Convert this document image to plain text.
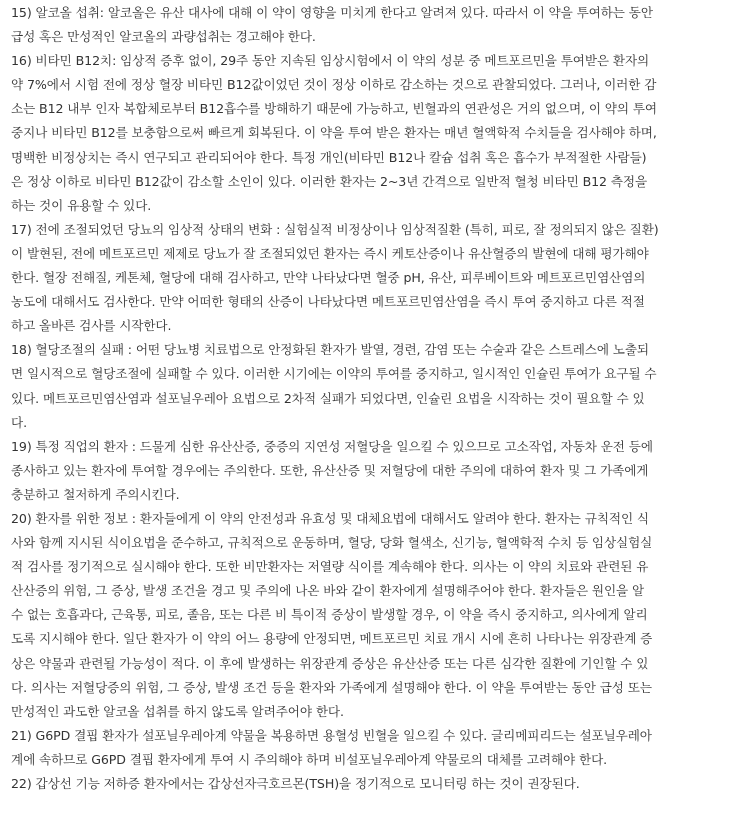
15) 알코올 섭취: 알코올은 유산 대사에 대해 이 약이 영향을 미치게 한다고 알려져 있다. 따라서 이 약을 투여하는 동안
급성 혹은 만성적인 알코올의 과량섭취는 경고해야 한다.
16) 비타민 B12치: 임상적 증후 없이, 29주 동안 지속된 임상시험에서 이 약의 성분 중 메트포르민을 투여받은 환자의
약 7%에서 시험 전에 정상 혈장 비타민 B12값이었던 것이 정상 이하로 감소하는 것으로 관찰되었다. 그러나, 이러한 감
소는 B12 내부 인자 복합체로부터 B12흡수를 방해하기 때문에 가능하고, 빈혈과의 연관성은 거의 없으며, 이 약의 투여
중지나 비타민 B12를 보충함으로써 빠르게 회복된다. 이 약을 투여 받은 환자는 매년 혈액학적 수치들을 검사해야 하며,
명백한 비정상치는 즉시 연구되고 관리되어야 한다. 특정 개인(비타민 B12나 칼슘 섭취 혹은 흡수가 부적절한 사람들)
은 정상 이하로 비타민 B12값이 감소할 소인이 있다. 이러한 환자는 2~3년 간격으로 일반적 혈청 비타민 B12 측정을
하는 것이 유용할 수 있다.
17) 전에 조절되었던 당뇨의 임상적 상태의 변화 : 실험실적 비정상이나 임상적질환 (특히, 피로, 잘 정의되지 않은 질환)
이 발현된, 전에 메트포르민 제제로 당뇨가 잘 조절되었던 환자는 즉시 케토산증이나 유산혈증의 발현에 대해 평가해야
한다. 혈장 전해질, 케톤체, 혈당에 대해 검사하고, 만약 나타났다면 혈중 pH, 유산, 피루베이트와 메트포르민염산염의
농도에 대해서도 검사한다. 만약 어떠한 형태의 산증이 나타났다면 메트포르민염산염을 즉시 투여 중지하고 다른 적절
하고 올바른 검사를 시작한다.
18) 혈당조절의 실패 : 어떤 당뇨병 치료법으로 안정화된 환자가 발열, 경련, 감염 또는 수술과 같은 스트레스에 노출되
면 일시적으로 혈당조절에 실패할 수 있다. 이러한 시기에는 이약의 투여를 중지하고, 일시적인 인슐린 투여가 요구될 수
있다. 메트포르민염산염과 설포닐우레아 요법으로 2차적 실패가 되었다면, 인슐린 요법을 시작하는 것이 필요할 수 있
다.
19) 특정 직업의 환자 : 드물게 심한 유산산증, 중증의 지연성 저혈당을 일으킬 수 있으므로 고소작업, 자동차 운전 등에
종사하고 있는 환자에 투여할 경우에는 주의한다. 또한, 유산산증 및 저혈당에 대한 주의에 대하여 환자 및 그 가족에게
충분하고 철저하게 주의시킨다.
20) 환자를 위한 정보 : 환자들에게 이 약의 안전성과 유효성 및 대체요법에 대해서도 알려야 한다. 환자는 규칙적인 식
사와 함께 지시된 식이요법을 준수하고, 규칙적으로 운동하며, 혈당, 당화 혈색소, 신기능, 혈액학적 수치 등 임상실험실
적 검사를 정기적으로 실시해야 한다. 또한 비만환자는 저열량 식이를 계속해야 한다. 의사는 이 약의 치료와 관련된 유
산산증의 위험, 그 증상, 발생 조건을 경고 및 주의에 나온 바와 같이 환자에게 설명해주어야 한다. 환자들은 원인을 알
수 없는 호흡과다, 근육통, 피로, 졸음, 또는 다른 비 특이적 증상이 발생할 경우, 이 약을 즉시 중지하고, 의사에게 알리
도록 지시해야 한다. 일단 환자가 이 약의 어느 용량에 안정되면, 메트포르민 치료 개시 시에 흔히 나타나는 위장관계 증
상은 약물과 관련될 가능성이 적다. 이 후에 발생하는 위장관계 증상은 유산산증 또는 다른 심각한 질환에 기인할 수 있
다. 의사는 저혈당증의 위험, 그 증상, 발생 조건 등을 환자와 가족에게 설명해야 한다. 이 약을 투여받는 동안 급성 또는
만성적인 과도한 알코올 섭취를 하지 않도록 알려주어야 한다.
21) G6PD 결핍 환자가 설포닐우레아계 약물을 복용하면 용혈성 빈혈을 일으킬 수 있다. 글리메피리드는 설포닐우레아
계에 속하므로 G6PD 결핍 환자에게 투여 시 주의해야 하며 비설포닐우레아계 약물로의 대체를 고려해야 한다.
22) 갑상선 기능 저하증 환자에서는 갑상선자극호르몬(TSH)을 정기적으로 모니터링 하는 것이 권장된다.
